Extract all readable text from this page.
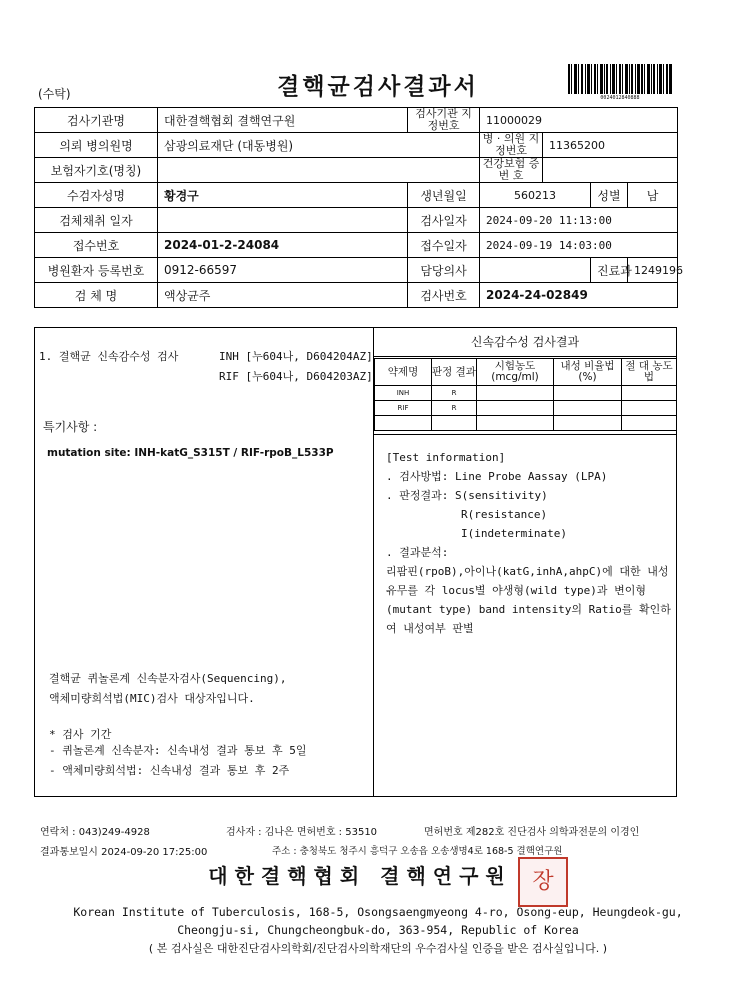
(수탁)	결핵균검사결과서	0024012840888
검사기관명	대한결핵협회 결핵연구원	검사기관 지정번호	11000029			
의뢰 병의원명	삼광의료재단 (대동병원)		병 · 의원 지정번호	11365200		
보험자기호(명칭)			건강보험 증 번 호			
수검자성명	황경구	생년월일	560213		성별	남
검체채취 일자		검사일자	2024-09-20 11:13:00			
접수번호	2024-01-2-24084	접수일자	2024-09-19 14:03:00			
병원환자 등록번호	0912-66597	담당의사			진료과	1249196
검 체 명	액상균주	검사번호	2024-24-02849			
1. 결핵균 신속감수성 검사	INH [누604나, D604204AZ]
RIF [누604나, D604203AZ]
특기사항 :
mutation site: INH-katG_S315T / RIF-rpoB_L533P
결핵균 퀴놀론계 신속분자검사(Sequencing),
액체미량희석법(MIC)검사 대상자입니다.
* 검사 기간
- 퀴놀론계 신속분자: 신속내성 결과 통보 후 5일
- 액체미량희석법: 신속내성 결과 통보 후 2주
신속감수성 검사결과
약제명	판정 결과	시험농도 (mcg/ml)	내성 비율법(%)	절 대 농도법
INH	R			
RIF	R			

[Test information]
. 검사방법: Line Probe Aassay (LPA)
. 판정결과: S(sensitivity)
R(resistance)
I(indeterminate)
. 결과분석:
리팜핀(rpoB),아이나(katG,inhA,ahpC)에 대한 내성 유무를 각 locus별 야생형(wild type)과 변이형(mutant type) band intensity의 Ratio를 확인하여 내성여부 판별
연락처 : 043)249-4928	검사자 : 김나은 면허번호 : 53510	면허번호 제282호 진단검사 의학과전문의 이경인
결과통보일시 2024-09-20 17:25:00	주소 : 충청북도 청주시 흥덕구 오송읍 오송생명4로 168-5 결핵연구원
대한결핵협회 결핵연구원 장
Korean Institute of Tuberculosis, 168-5, Osongsaengmyeong 4-ro, Osong-eup, Heungdeok-gu,
Cheongju-si, Chungcheongbuk-do, 363-954, Republic of Korea
( 본 검사실은 대한진단검사의학회/진단검사의학재단의 우수검사실 인증을 받은 검사실입니다. )
